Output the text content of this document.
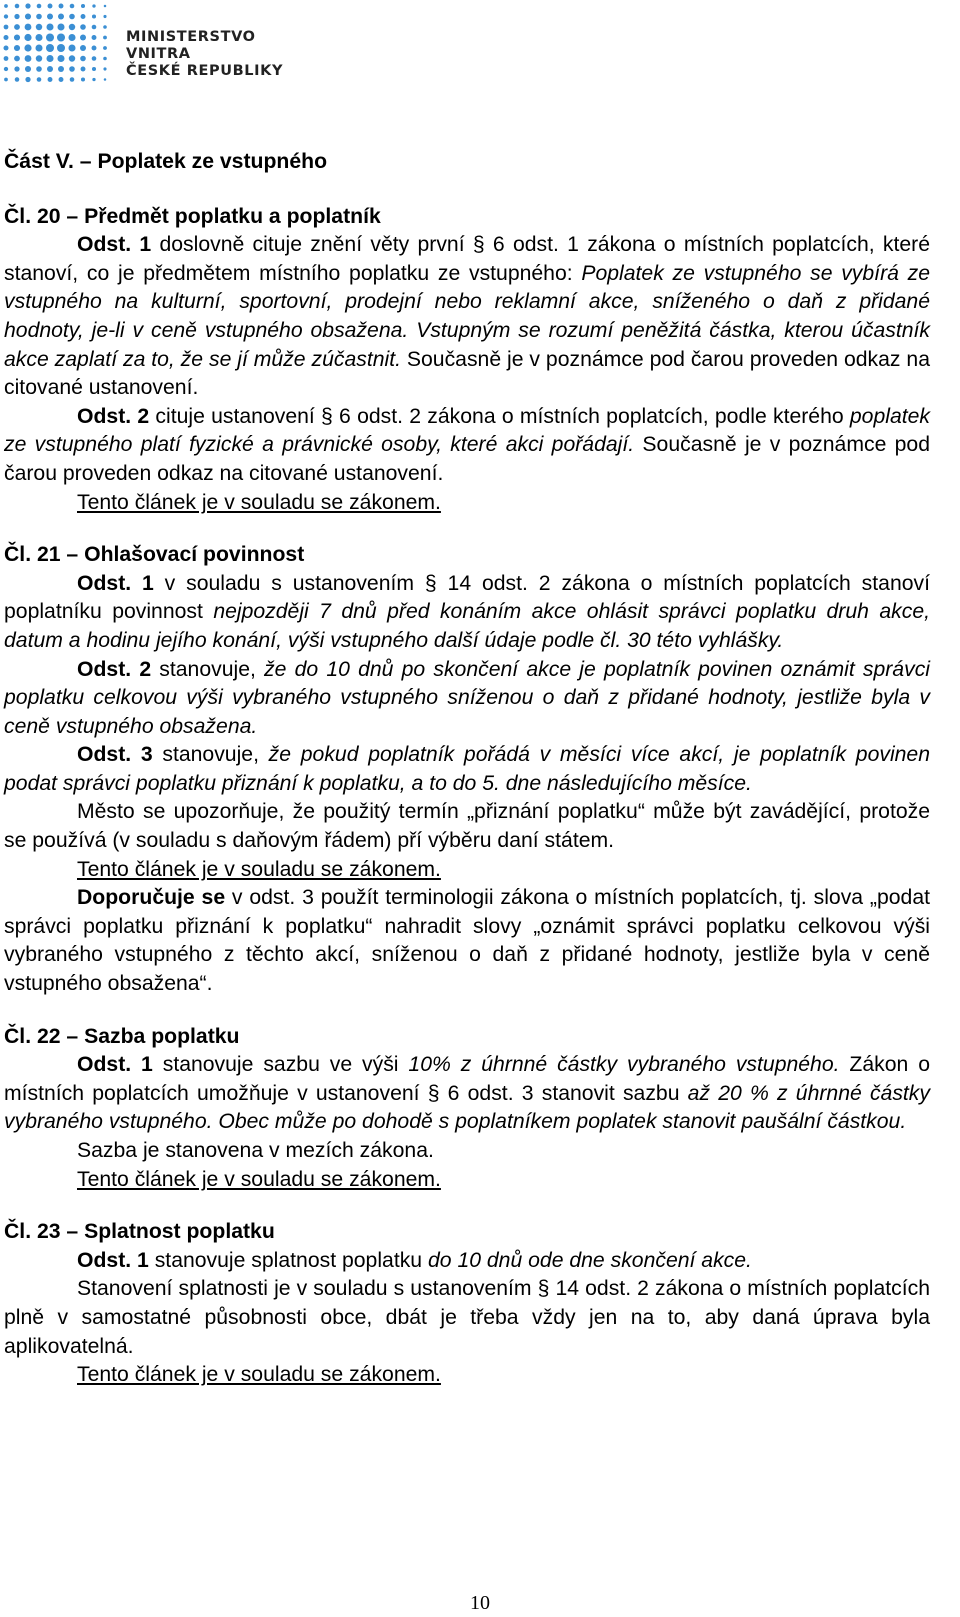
MINISTERSTVO VNITRA
ČESKÉ REPUBLIKY

Část V. – Poplatek ze vstupného

Čl. 20 – Předmět poplatku a poplatník

Odst. 1 doslovně cituje znění věty první § 6 odst. 1 zákona o místních poplatcích, které stanoví, co je předmětem místního poplatku ze vstupného: Poplatek ze vstupného se vybírá ze vstupného na kulturní, sportovní, prodejní nebo reklamní akce, sníženého o daň z přidané hodnoty, je-li v ceně vstupného obsažena. Vstupným se rozumí peněžitá částka, kterou účastník akce zaplatí za to, že se jí může zúčastnit. Současně je v poznámce pod čarou proveden odkaz na citované ustanovení.

Odst. 2 cituje ustanovení § 6 odst. 2 zákona o místních poplatcích, podle kterého poplatek ze vstupného platí fyzické a právnické osoby, které akci pořádají. Současně je v poznámce pod čarou proveden odkaz na citované ustanovení.

Tento článek je v souladu se zákonem.

Čl. 21 – Ohlašovací povinnost

Odst. 1 v souladu s ustanovením § 14 odst. 2 zákona o místních poplatcích stanoví poplatníku povinnost nejpozději 7 dnů před konáním akce ohlásit správci poplatku druh akce, datum a hodinu jejího konání, výši vstupného další údaje podle čl. 30 této vyhlášky.

Odst. 2 stanovuje, že do 10 dnů po skončení akce je poplatník povinen oznámit správci poplatku celkovou výši vybraného vstupného sníženou o daň z přidané hodnoty, jestliže byla v ceně vstupného obsažena.

Odst. 3 stanovuje, že pokud poplatník pořádá v měsíci více akcí, je poplatník povinen podat správci poplatku přiznání k poplatku, a to do 5. dne následujícího měsíce.

Město se upozorňuje, že použitý termín „přiznání poplatku“ může být zavádějící, protože se používá (v souladu s daňovým řádem) pří výběru daní státem.

Tento článek je v souladu se zákonem.

Doporučuje se v odst. 3 použít terminologii zákona o místních poplatcích, tj. slova „podat správci poplatku přiznání k poplatku“ nahradit slovy „oznámit správci poplatku celkovou výši vybraného vstupného z těchto akcí, sníženou o daň z přidané hodnoty, jestliže byla v ceně vstupného obsažena“.

Čl. 22 – Sazba poplatku

Odst. 1 stanovuje sazbu ve výši 10% z úhrnné částky vybraného vstupného. Zákon o místních poplatcích umožňuje v ustanovení § 6 odst. 3 stanovit sazbu až 20 % z úhrnné částky vybraného vstupného. Obec může po dohodě s poplatníkem poplatek stanovit paušální částkou.

Sazba je stanovena v mezích zákona.

Tento článek je v souladu se zákonem.

Čl. 23 – Splatnost poplatku

Odst. 1 stanovuje splatnost poplatku do 10 dnů ode dne skončení akce.

Stanovení splatnosti je v souladu s ustanovením § 14 odst. 2 zákona o místních poplatcích plně v samostatné působnosti obce, dbát je třeba vždy jen na to, aby daná úprava byla aplikovatelná.

Tento článek je v souladu se zákonem.

10
